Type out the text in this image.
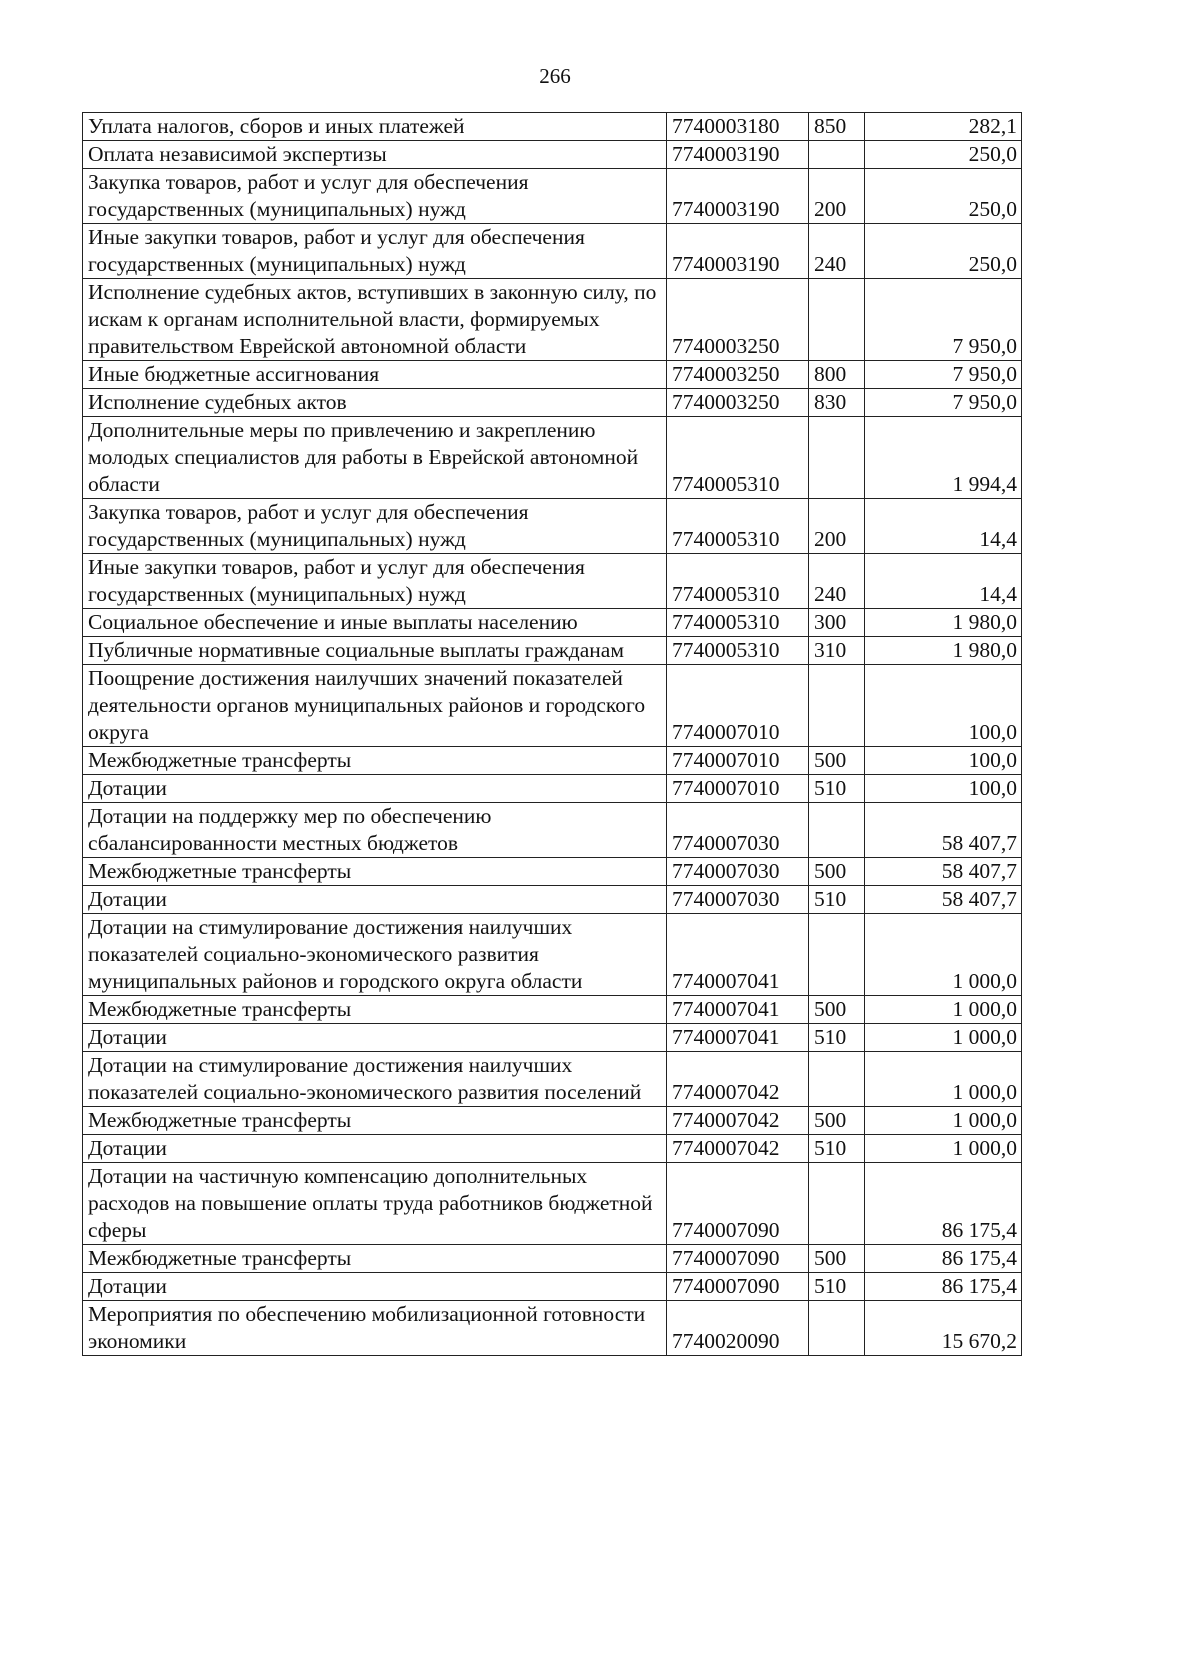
266
Уплата налогов, сборов и иных платежей	7740003180	850	282,1
Оплата независимой экспертизы	7740003190		250,0
Закупка товаров, работ и услуг для обеспечения государственных (муниципальных) нужд	7740003190	200	250,0
Иные закупки товаров, работ и услуг для обеспечения государственных (муниципальных) нужд	7740003190	240	250,0
Исполнение судебных актов, вступивших в законную силу, по искам к органам исполнительной власти, формируемых правительством Еврейской автономной области	7740003250		7 950,0
Иные бюджетные ассигнования	7740003250	800	7 950,0
Исполнение судебных актов	7740003250	830	7 950,0
Дополнительные меры по привлечению и закреплению молодых специалистов для работы в Еврейской автономной области	7740005310		1 994,4
Закупка товаров, работ и услуг для обеспечения государственных (муниципальных) нужд	7740005310	200	14,4
Иные закупки товаров, работ и услуг для обеспечения государственных (муниципальных) нужд	7740005310	240	14,4
Социальное обеспечение и иные выплаты населению	7740005310	300	1 980,0
Публичные нормативные социальные выплаты гражданам	7740005310	310	1 980,0
Поощрение достижения наилучших значений показателей деятельности органов муниципальных районов и городского округа	7740007010		100,0
Межбюджетные трансферты	7740007010	500	100,0
Дотации	7740007010	510	100,0
Дотации на поддержку мер по обеспечению сбалансированности местных бюджетов	7740007030		58 407,7
Межбюджетные трансферты	7740007030	500	58 407,7
Дотации	7740007030	510	58 407,7
Дотации на стимулирование достижения наилучших показателей социально-экономического развития муниципальных районов и городского округа области	7740007041		1 000,0
Межбюджетные трансферты	7740007041	500	1 000,0
Дотации	7740007041	510	1 000,0
Дотации на стимулирование достижения наилучших показателей социально-экономического развития поселений	7740007042		1 000,0
Межбюджетные трансферты	7740007042	500	1 000,0
Дотации	7740007042	510	1 000,0
Дотации на частичную компенсацию дополнительных расходов на повышение оплаты труда работников бюджетной сферы	7740007090		86 175,4
Межбюджетные трансферты	7740007090	500	86 175,4
Дотации	7740007090	510	86 175,4
Мероприятия по обеспечению мобилизационной готовности экономики	7740020090		15 670,2
